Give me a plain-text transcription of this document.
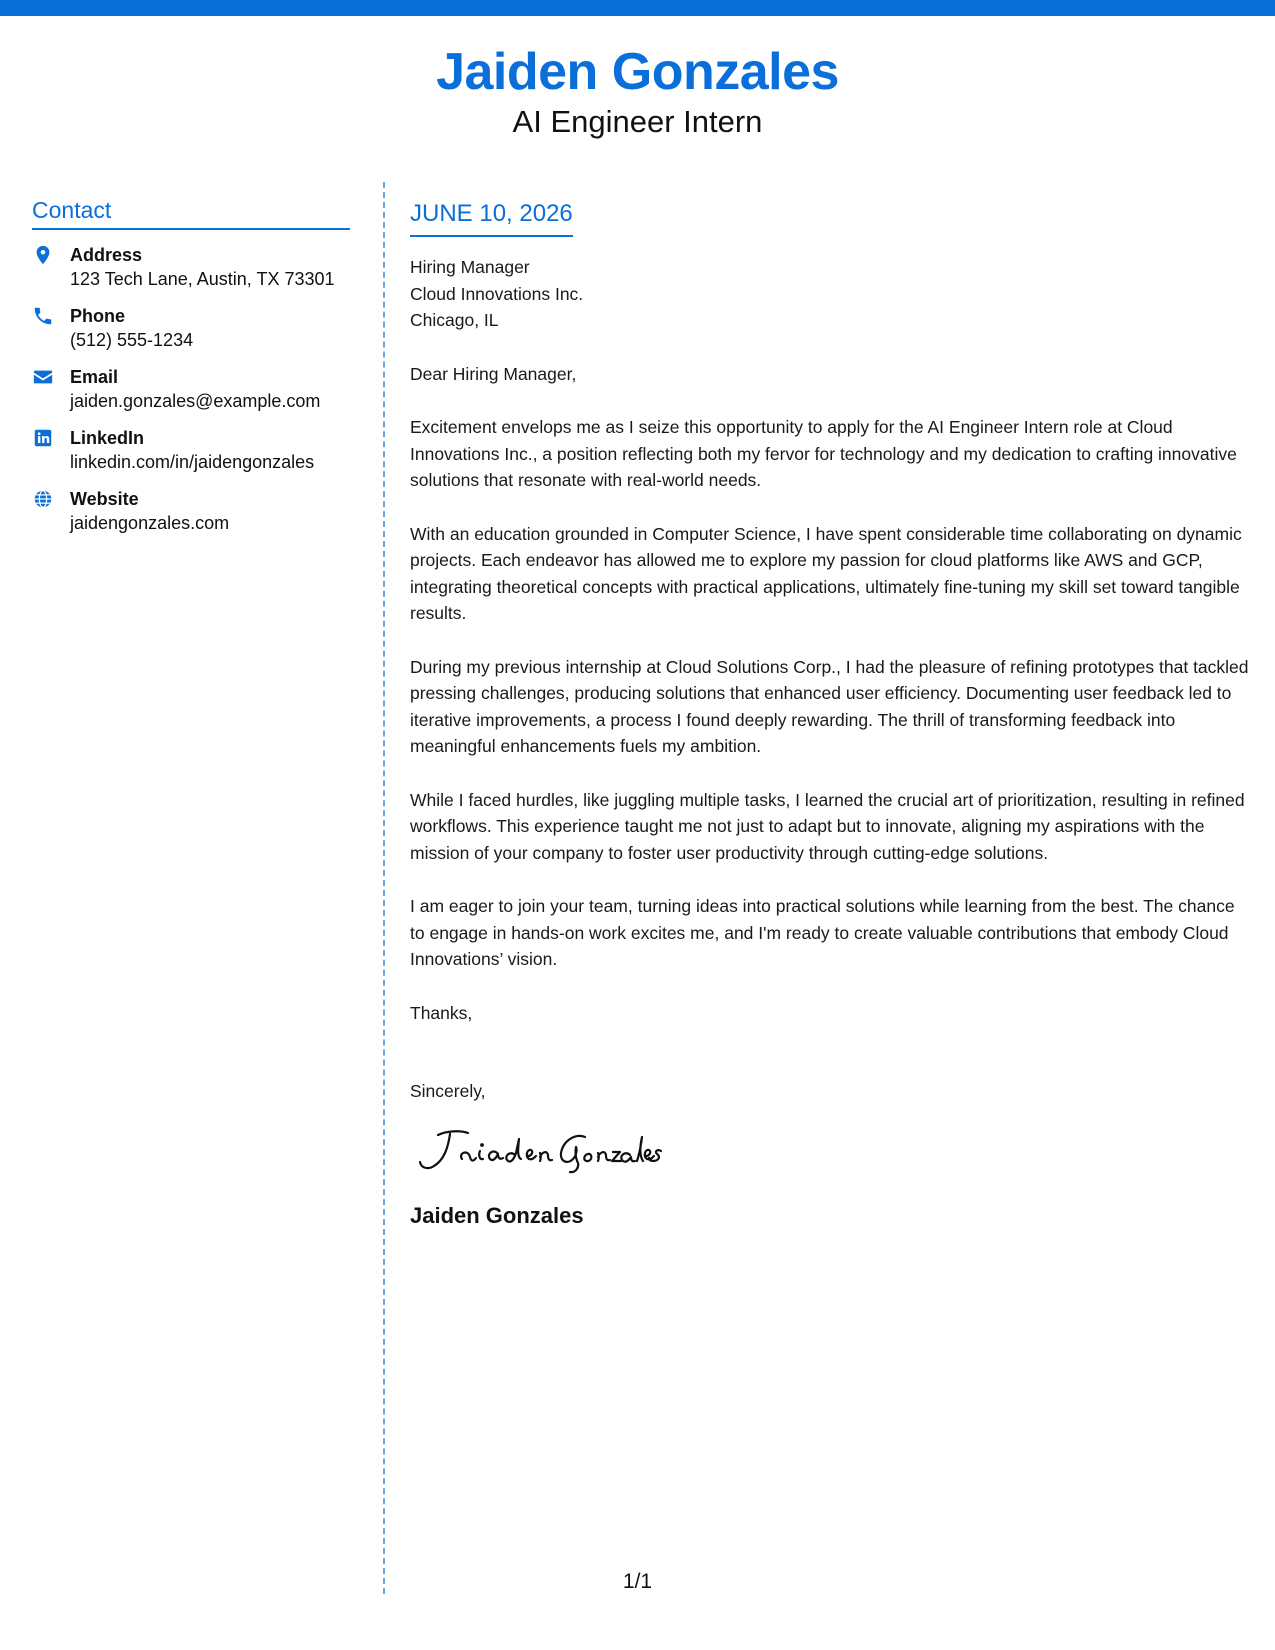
Jaiden Gonzales
AI Engineer Intern
Contact
Address
123 Tech Lane, Austin, TX 73301
Phone
(512) 555-1234
Email
jaiden.gonzales@example.com
LinkedIn
linkedin.com/in/jaidengonzales
Website
jaidengonzales.com
JUNE 10, 2026
Hiring Manager
Cloud Innovations Inc.
Chicago, IL
Dear Hiring Manager,
Excitement envelops me as I seize this opportunity to apply for the AI Engineer Intern role at Cloud Innovations Inc., a position reflecting both my fervor for technology and my dedication to crafting innovative solutions that resonate with real-world needs.
With an education grounded in Computer Science, I have spent considerable time collaborating on dynamic projects. Each endeavor has allowed me to explore my passion for cloud platforms like AWS and GCP, integrating theoretical concepts with practical applications, ultimately fine-tuning my skill set toward tangible results.
During my previous internship at Cloud Solutions Corp., I had the pleasure of refining prototypes that tackled pressing challenges, producing solutions that enhanced user efficiency. Documenting user feedback led to iterative improvements, a process I found deeply rewarding. The thrill of transforming feedback into meaningful enhancements fuels my ambition.
While I faced hurdles, like juggling multiple tasks, I learned the crucial art of prioritization, resulting in refined workflows. This experience taught me not just to adapt but to innovate, aligning my aspirations with the mission of your company to foster user productivity through cutting-edge solutions.
I am eager to join your team, turning ideas into practical solutions while learning from the best. The chance to engage in hands-on work excites me, and I'm ready to create valuable contributions that embody Cloud Innovations’ vision.
Thanks,
Sincerely,
Jaiden Gonzales
1/1
